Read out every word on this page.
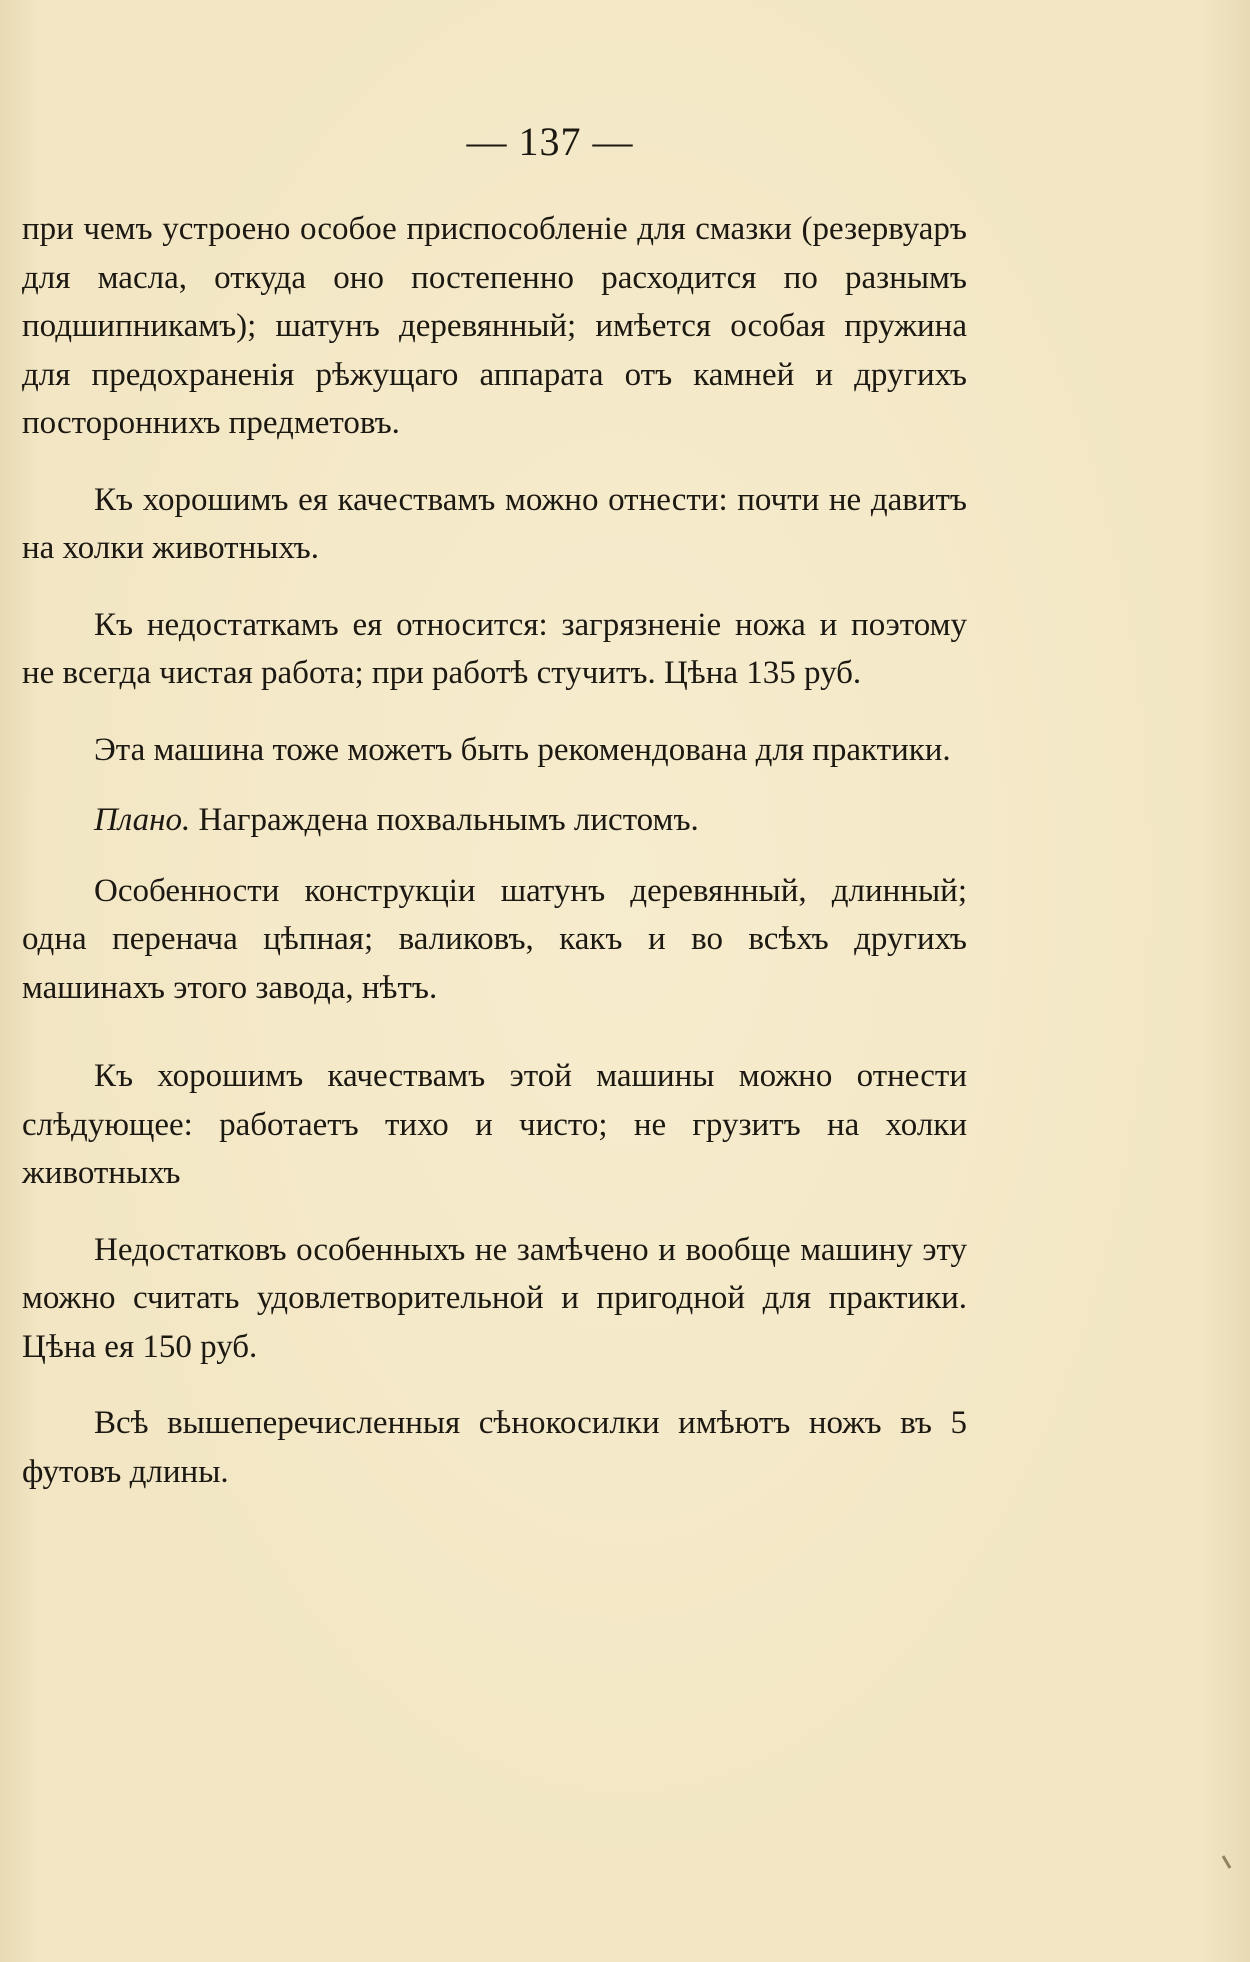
— 137 —

при чемъ устроено особое приспособленіе для смазки (резервуаръ для масла, откуда оно постепенно расходится по разнымъ подшипникамъ); шатунъ деревянный; имѣется особая пружина для предохраненія рѣжущаго аппарата отъ камней и другихъ постороннихъ предметовъ.

Къ хорошимъ ея качествамъ можно отнести: почти не давитъ на холки животныхъ.

Къ недостаткамъ ея относится: загрязненіе ножа и поэтому не всегда чистая работа; при работѣ стучитъ. Цѣна 135 руб.

Эта машина тоже можетъ быть рекомендована для практики.

Плано. Награждена похвальнымъ листомъ.

Особенности конструкціи шатунъ деревянный, длинный; одна перенача цѣпная; валиковъ, какъ и во всѣхъ другихъ машинахъ этого завода, нѣтъ.

Къ хорошимъ качествамъ этой машины можно отнести слѣдующее: работаетъ тихо и чисто; не грузитъ на холки животныхъ

Недостатковъ особенныхъ не замѣчено и вообще машину эту можно считать удовлетворительной и пригодной для практики. Цѣна ея 150 руб.

Всѣ вышеперечисленныя сѣнокосилки имѣютъ ножъ въ 5 футовъ длины.
